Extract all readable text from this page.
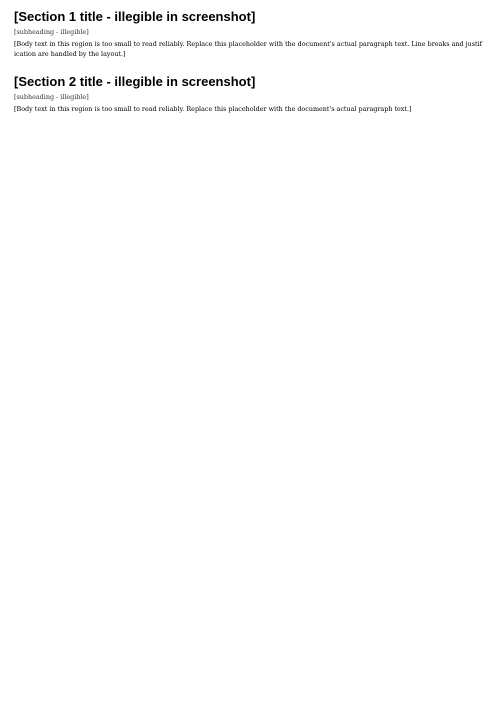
[Section 1 title - illegible in screenshot]

[subheading - illegible]

[Body text in this region is too small to read reliably. Replace this placeholder with the document's actual paragraph text. Line breaks and justification are handled by the layout.]

[Section 2 title - illegible in screenshot]

[subheading - illegible]

[Body text in this region is too small to read reliably. Replace this placeholder with the document's actual paragraph text.]
